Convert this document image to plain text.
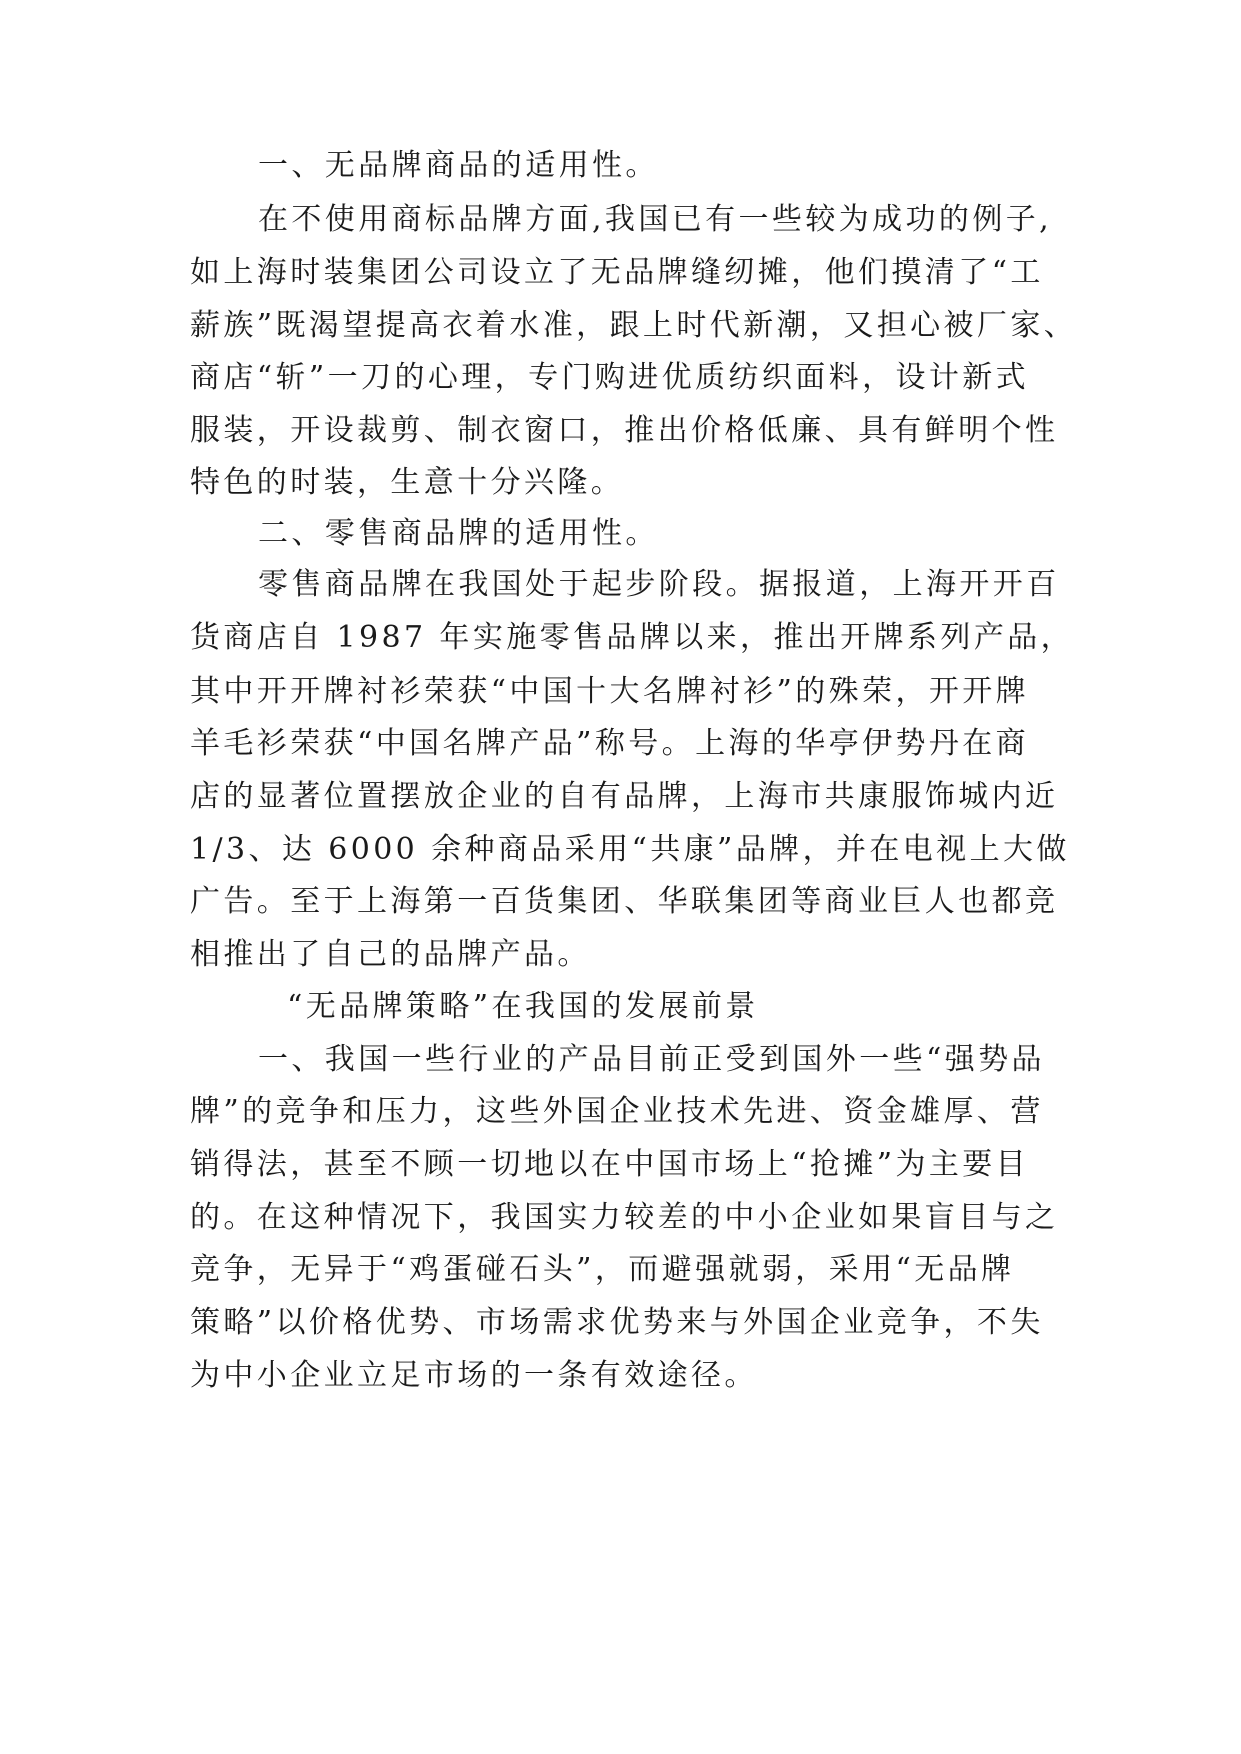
一、无品牌商品的适用性。
在不使用商标品牌方面,我国已有一些较为成功的例子,
如上海时装集团公司设立了无品牌缝纫摊，他们摸清了“工
薪族”既渴望提高衣着水准，跟上时代新潮，又担心被厂家、
商店“斩”一刀的心理，专门购进优质纺织面料，设计新式
服装，开设裁剪、制衣窗口，推出价格低廉、具有鲜明个性
特色的时装，生意十分兴隆。
二、零售商品牌的适用性。
零售商品牌在我国处于起步阶段。据报道，上海开开百
货商店自 1987 年实施零售品牌以来，推出开牌系列产品，
其中开开牌衬衫荣获“中国十大名牌衬衫”的殊荣，开开牌
羊毛衫荣获“中国名牌产品”称号。上海的华亭伊势丹在商
店的显著位置摆放企业的自有品牌，上海市共康服饰城内近
1/3、达 6000 余种商品采用“共康”品牌，并在电视上大做
广告。至于上海第一百货集团、华联集团等商业巨人也都竞
相推出了自己的品牌产品。
“无品牌策略”在我国的发展前景
一、我国一些行业的产品目前正受到国外一些“强势品
牌”的竞争和压力，这些外国企业技术先进、资金雄厚、营
销得法，甚至不顾一切地以在中国市场上“抢摊”为主要目
的。在这种情况下，我国实力较差的中小企业如果盲目与之
竞争，无异于“鸡蛋碰石头”，而避强就弱，采用“无品牌
策略”以价格优势、市场需求优势来与外国企业竞争，不失
为中小企业立足市场的一条有效途径。
